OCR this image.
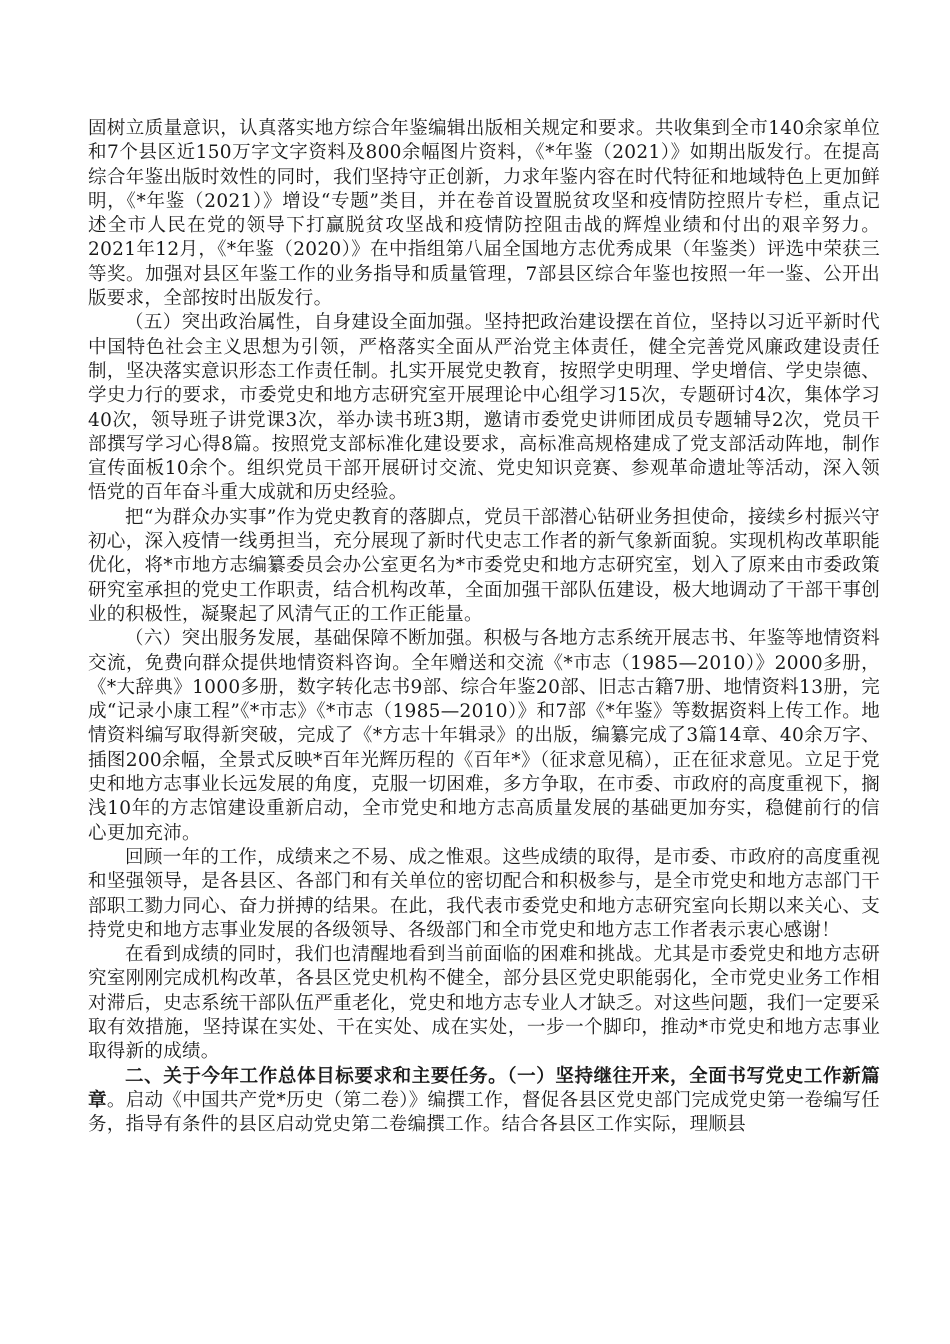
固树立质量意识，认真落实地方综合年鉴编辑出版相关规定和要求。共收集到全市140余家单位和7个县区近150万字文字资料及800余幅图片资料，《*年鉴（2021）》如期出版发行。在提高综合年鉴出版时效性的同时，我们坚持守正创新，力求年鉴内容在时代特征和地域特色上更加鲜明，《*年鉴（2021）》增设“专题”类目，并在卷首设置脱贫攻坚和疫情防控照片专栏，重点记述全市人民在党的领导下打赢脱贫攻坚战和疫情防控阻击战的辉煌业绩和付出的艰辛努力。2021年12月，《*年鉴（2020）》在中指组第八届全国地方志优秀成果（年鉴类）评选中荣获三等奖。加强对县区年鉴工作的业务指导和质量管理，7部县区综合年鉴也按照一年一鉴、公开出版要求，全部按时出版发行。

（五）突出政治属性，自身建设全面加强。坚持把政治建设摆在首位，坚持以习近平新时代中国特色社会主义思想为引领，严格落实全面从严治党主体责任，健全完善党风廉政建设责任制，坚决落实意识形态工作责任制。扎实开展党史教育，按照学史明理、学史增信、学史崇德、学史力行的要求，市委党史和地方志研究室开展理论中心组学习15次，专题研讨4次，集体学习40次，领导班子讲党课3次，举办读书班3期，邀请市委党史讲师团成员专题辅导2次，党员干部撰写学习心得8篇。按照党支部标准化建设要求，高标准高规格建成了党支部活动阵地，制作宣传面板10余个。组织党员干部开展研讨交流、党史知识竞赛、参观革命遗址等活动，深入领悟党的百年奋斗重大成就和历史经验。

把“为群众办实事”作为党史教育的落脚点，党员干部潜心钻研业务担使命，接续乡村振兴守初心，深入疫情一线勇担当，充分展现了新时代史志工作者的新气象新面貌。实现机构改革职能优化，将*市地方志编纂委员会办公室更名为*市委党史和地方志研究室，划入了原来由市委政策研究室承担的党史工作职责，结合机构改革，全面加强干部队伍建设，极大地调动了干部干事创业的积极性，凝聚起了风清气正的工作正能量。

（六）突出服务发展，基础保障不断加强。积极与各地方志系统开展志书、年鉴等地情资料交流，免费向群众提供地情资料咨询。全年赠送和交流《*市志（1985—2010）》2000多册，《*大辞典》1000多册，数字转化志书9部、综合年鉴20部、旧志古籍7册、地情资料13册，完成“记录小康工程”《*市志》《*市志（1985—2010）》和7部《*年鉴》等数据资料上传工作。地情资料编写取得新突破，完成了《*方志十年辑录》的出版，编纂完成了3篇14章、40余万字、插图200余幅，全景式反映*百年光辉历程的《百年*》（征求意见稿），正在征求意见。立足于党史和地方志事业长远发展的角度，克服一切困难，多方争取，在市委、市政府的高度重视下，搁浅10年的方志馆建设重新启动，全市党史和地方志高质量发展的基础更加夯实，稳健前行的信心更加充沛。

回顾一年的工作，成绩来之不易、成之惟艰。这些成绩的取得，是市委、市政府的高度重视和坚强领导，是各县区、各部门和有关单位的密切配合和积极参与，是全市党史和地方志部门干部职工勠力同心、奋力拼搏的结果。在此，我代表市委党史和地方志研究室向长期以来关心、支持党史和地方志事业发展的各级领导、各级部门和全市党史和地方志工作者表示衷心感谢！

在看到成绩的同时，我们也清醒地看到当前面临的困难和挑战。尤其是市委党史和地方志研究室刚刚完成机构改革，各县区党史机构不健全，部分县区党史职能弱化，全市党史业务工作相对滞后，史志系统干部队伍严重老化，党史和地方志专业人才缺乏。对这些问题，我们一定要采取有效措施，坚持谋在实处、干在实处、成在实处，一步一个脚印，推动*市党史和地方志事业取得新的成绩。

二、关于今年工作总体目标要求和主要任务。（一）坚持继往开来，全面书写党史工作新篇章。启动《中国共产党*历史（第二卷）》编撰工作，督促各县区党史部门完成党史第一卷编写任务，指导有条件的县区启动党史第二卷编撰工作。结合各县区工作实际，理顺县
